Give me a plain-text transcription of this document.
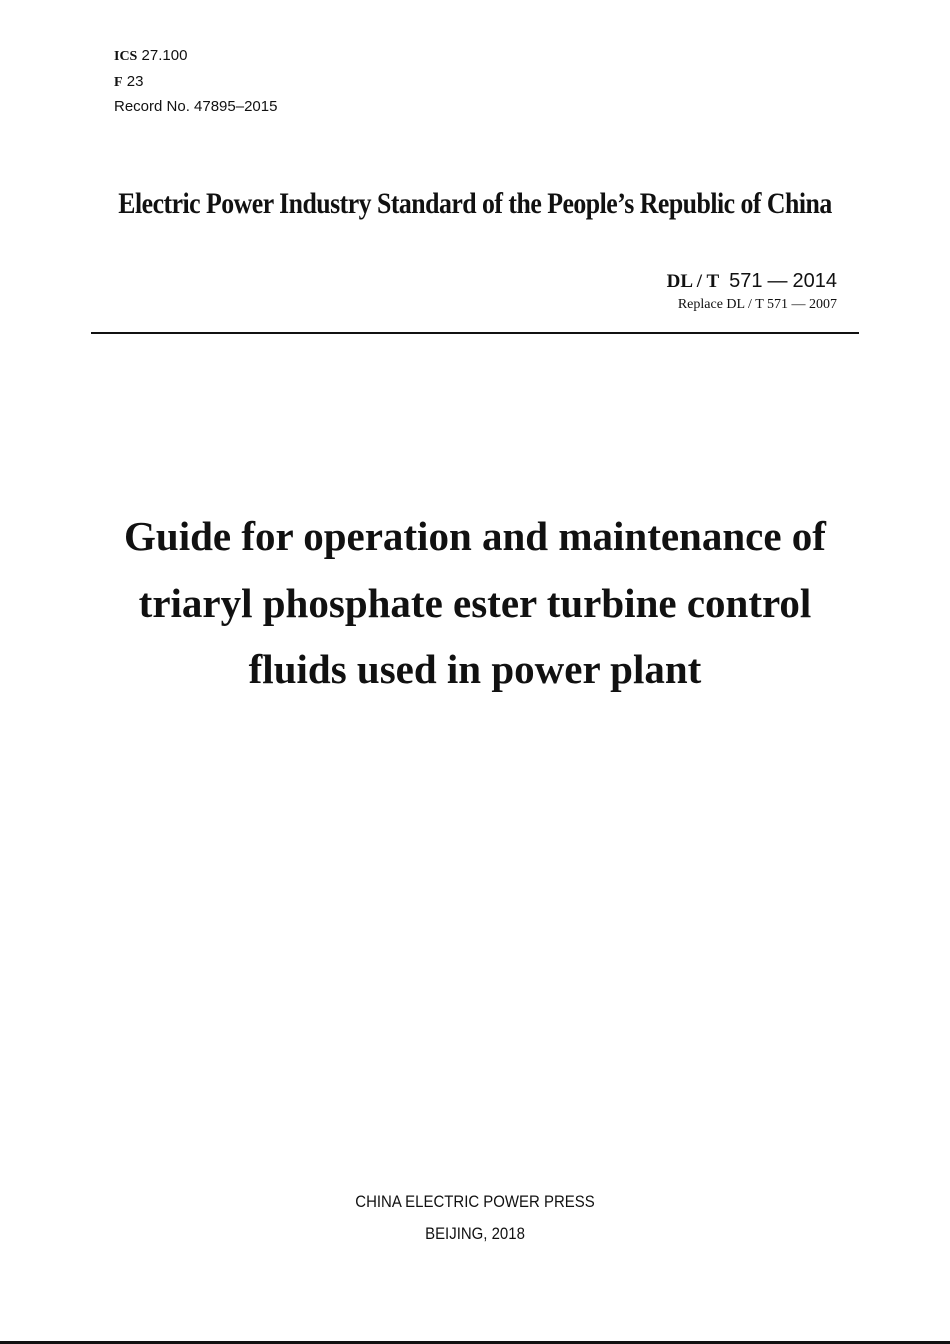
ICS 27.100
F 23
Record No. 47895–2015
Electric Power Industry Standard of the People’s Republic of China
DL / T 571 — 2014
Replace DL / T 571 — 2007
Guide for operation and maintenance of
triaryl phosphate ester turbine control
fluids used in power plant
CHINA ELECTRIC POWER PRESS
BEIJING, 2018
